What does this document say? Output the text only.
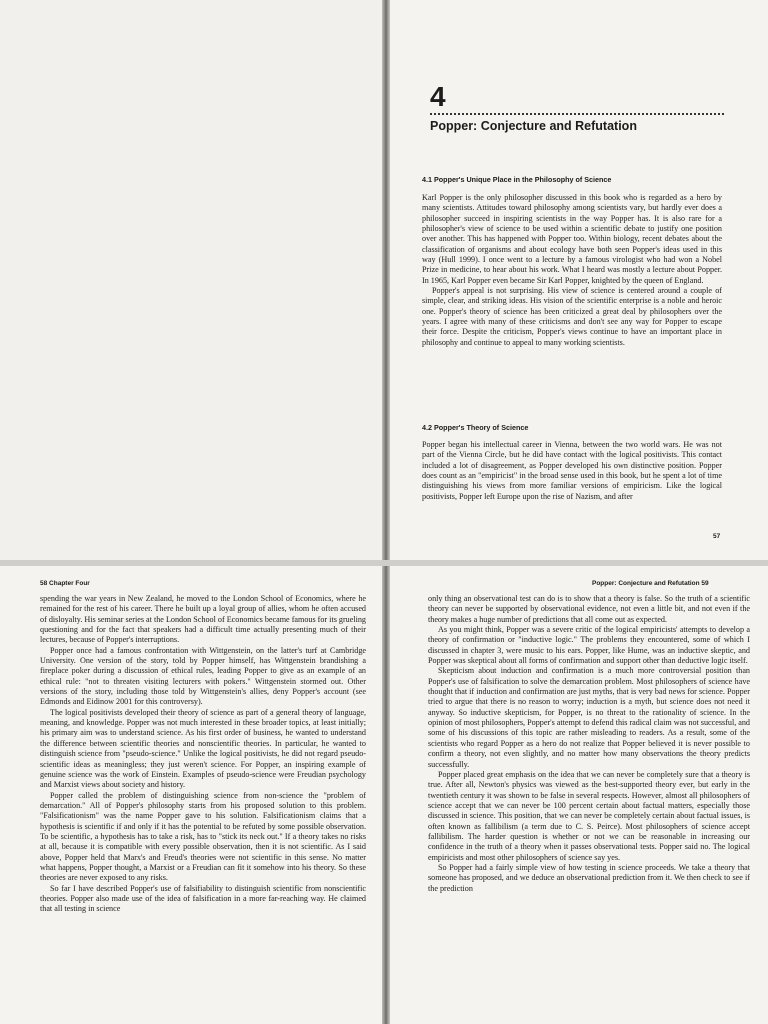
4
Popper: Conjecture and Refutation
4.1 Popper's Unique Place in the Philosophy of Science

Karl Popper is the only philosopher discussed in this book who is regarded as a hero by many scientists. Attitudes toward philosophy among scientists vary, but hardly ever does a philosopher succeed in inspiring scientists in the way Popper has. It is also rare for a philosopher's view of science to be used within a scientific debate to justify one position over another. This has happened with Popper too. Within biology, recent debates about the classification of organisms and about ecology have both seen Popper's ideas used in this way (Hull 1999). I once went to a lecture by a famous virologist who had won a Nobel Prize in medicine, to hear about his work. What I heard was mostly a lecture about Popper. In 1965, Karl Popper even became Sir Karl Popper, knighted by the queen of England.

Popper's appeal is not surprising. His view of science is centered around a couple of simple, clear, and striking ideas. His vision of the scientific enterprise is a noble and heroic one. Popper's theory of science has been criticized a great deal by philosophers over the years. I agree with many of these criticisms and don't see any way for Popper to escape their force. Despite the criticism, Popper's views continue to have an important place in philosophy and continue to appeal to many working scientists.

4.2 Popper's Theory of Science

Popper began his intellectual career in Vienna, between the two world wars. He was not part of the Vienna Circle, but he did have contact with the logical positivists. This contact included a lot of disagreement, as Popper developed his own distinctive position. Popper does count as an "empiricist" in the broad sense used in this book, but he spent a lot of time distinguishing his views from more familiar versions of empiricism. Like the logical positivists, Popper left Europe upon the rise of Nazism, and after

57
58 Chapter Four

spending the war years in New Zealand, he moved to the London School of Economics, where he remained for the rest of his career. There he built up a loyal group of allies, whom he often accused of disloyalty. His seminar series at the London School of Economics became famous for its grueling questioning and for the fact that speakers had a difficult time actually presenting much of their lectures, because of Popper's interruptions.

Popper once had a famous confrontation with Wittgenstein, on the latter's turf at Cambridge University. One version of the story, told by Popper himself, has Wittgenstein brandishing a fireplace poker during a discussion of ethical rules, leading Popper to give as an example of an ethical rule: "not to threaten visiting lecturers with pokers." Wittgenstein stormed out. Other versions of the story, including those told by Wittgenstein's allies, deny Popper's account (see Edmonds and Eidinow 2001 for this controversy).

The logical positivists developed their theory of science as part of a general theory of language, meaning, and knowledge. Popper was not much interested in these broader topics, at least initially; his primary aim was to understand science. As his first order of business, he wanted to understand the difference between scientific theories and nonscientific theories. In particular, he wanted to distinguish science from "pseudo-science." Unlike the logical positivists, he did not regard pseudo-scientific ideas as meaningless; they just weren't science. For Popper, an inspiring example of genuine science was the work of Einstein. Examples of pseudo-science were Freudian psychology and Marxist views about society and history.

Popper called the problem of distinguishing science from non-science the "problem of demarcation." All of Popper's philosophy starts from his proposed solution to this problem. "Falsificationism" was the name Popper gave to his solution. Falsificationism claims that a hypothesis is scientific if and only if it has the potential to be refuted by some possible observation. To be scientific, a hypothesis has to take a risk, has to "stick its neck out." If a theory takes no risks at all, because it is compatible with every possible observation, then it is not scientific. As I said above, Popper held that Marx's and Freud's theories were not scientific in this sense. No matter what happens, Popper thought, a Marxist or a Freudian can fit it somehow into his theory. So these theories are never exposed to any risks.

So far I have described Popper's use of falsifiability to distinguish scientific from nonscientific theories. Popper also made use of the idea of falsification in a more far-reaching way. He claimed that all testing in science

Popper: Conjecture and Refutation 59

only thing an observational test can do is to show that a theory is false. So the truth of a scientific theory can never be supported by observational evidence, not even a little bit, and not even if the theory makes a huge number of predictions that all come out as expected.

As you might think, Popper was a severe critic of the logical empiricists' attempts to develop a theory of confirmation or "inductive logic." The problems they encountered, some of which I discussed in chapter 3, were music to his ears. Popper, like Hume, was an inductive skeptic, and Popper was skeptical about all forms of confirmation and support other than deductive logic itself.

Skepticism about induction and confirmation is a much more controversial position than Popper's use of falsification to solve the demarcation problem. Most philosophers of science have thought that if induction and confirmation are just myths, that is very bad news for science. Popper tried to argue that there is no reason to worry; induction is a myth, but science does not need it anyway. So inductive skepticism, for Popper, is no threat to the rationality of science. In the opinion of most philosophers, Popper's attempt to defend this radical claim was not successful, and some of his discussions of this topic are rather misleading to readers. As a result, some of the scientists who regard Popper as a hero do not realize that Popper believed it is never possible to confirm a theory, not even slightly, and no matter how many observations the theory predicts successfully.

Popper placed great emphasis on the idea that we can never be completely sure that a theory is true. After all, Newton's physics was viewed as the best-supported theory ever, but early in the twentieth century it was shown to be false in several respects. However, almost all philosophers of science accept that we can never be 100 percent certain about factual matters, especially those discussed in science. This position, that we can never be completely certain about factual issues, is often known as fallibilism (a term due to C. S. Peirce). Most philosophers of science accept fallibilism. The harder question is whether or not we can be reasonable in increasing our confidence in the truth of a theory when it passes observational tests. Popper said no. The logical empiricists and most other philosophers of science say yes.

So Popper had a fairly simple view of how testing in science proceeds. We take a theory that someone has proposed, and we deduce an observational prediction from it. We then check to see if the prediction
